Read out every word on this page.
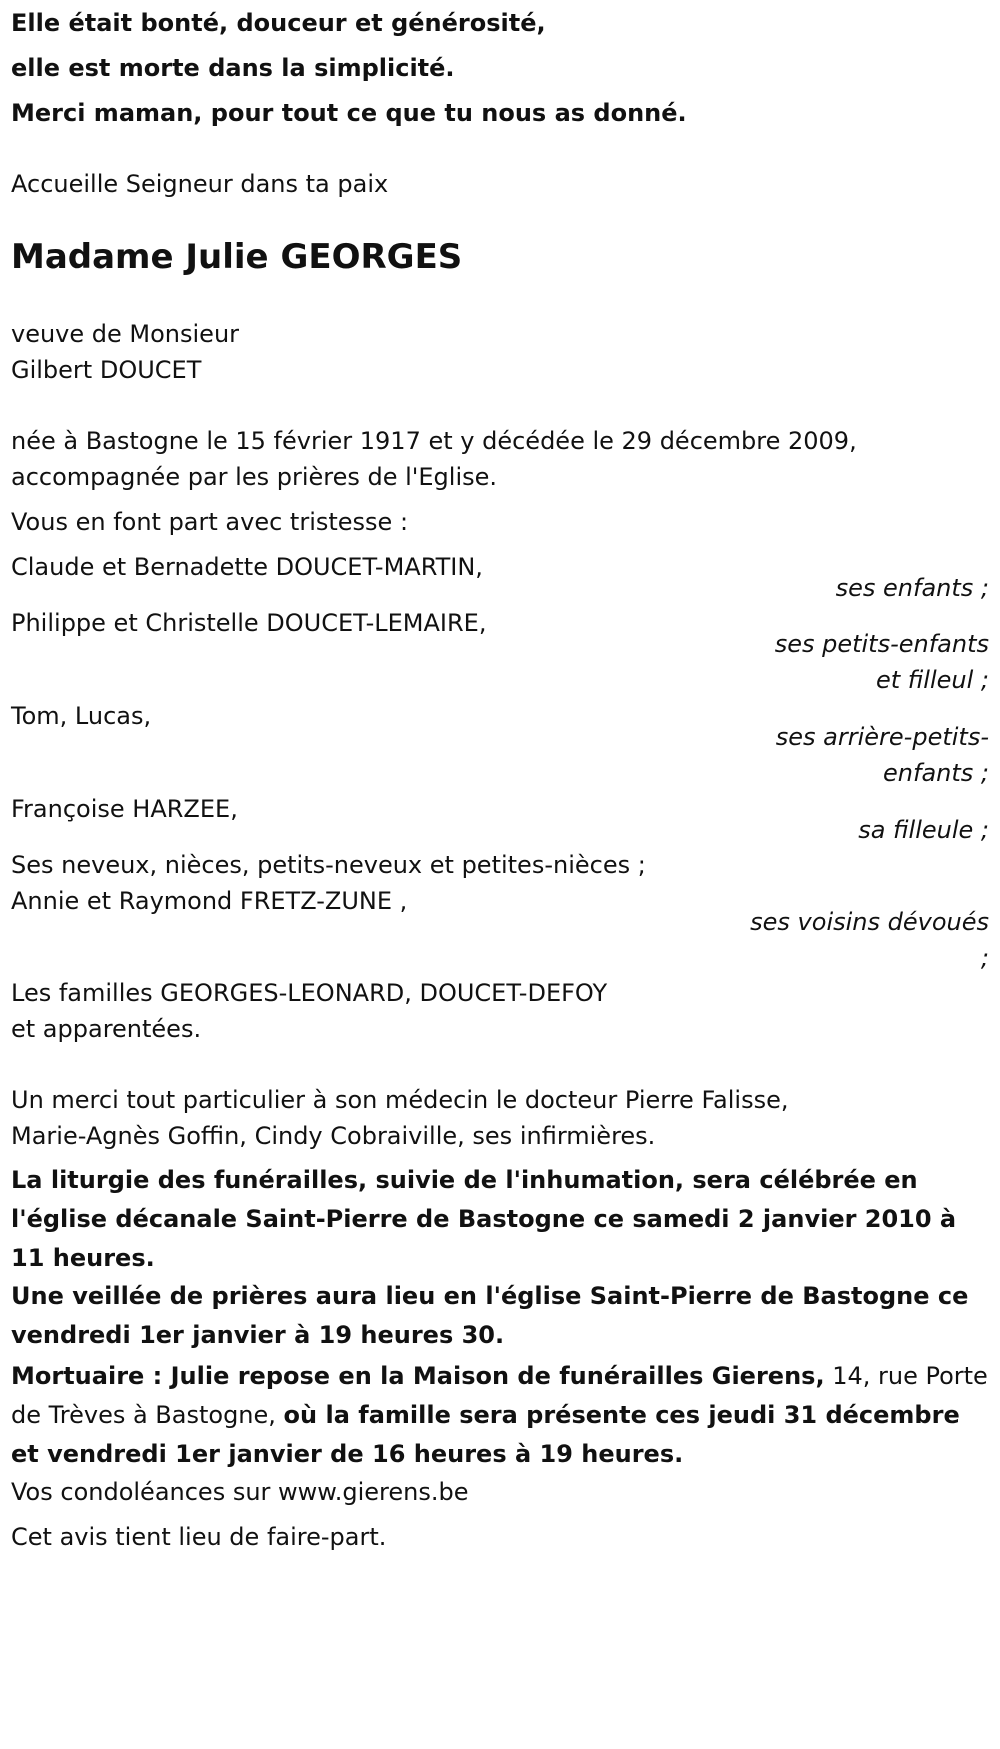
Elle était bonté, douceur et générosité,
elle est morte dans la simplicité.
Merci maman, pour tout ce que tu nous as donné.
Accueille Seigneur dans ta paix
Madame Julie GEORGES
veuve de Monsieur
Gilbert DOUCET
née à Bastogne le 15 février 1917 et y décédée le 29 décembre 2009,
accompagnée par les prières de l'Eglise.
Vous en font part avec tristesse :
Claude et Bernadette DOUCET-MARTIN,
ses enfants ;
Philippe et Christelle DOUCET-LEMAIRE,
ses petits-enfants
et filleul ;
Tom, Lucas,
ses arrière-petits-
enfants ;
Françoise HARZEE,
sa filleule ;
Ses neveux, nièces, petits-neveux et petites-nièces ;
Annie et Raymond FRETZ-ZUNE ,
ses voisins dévoués
;
Les familles GEORGES-LEONARD, DOUCET-DEFOY
et apparentées.
Un merci tout particulier à son médecin le docteur Pierre Falisse,
Marie-Agnès Goffin, Cindy Cobraiville, ses infirmières.
La liturgie des funérailles, suivie de l'inhumation, sera célébrée en l'église décanale Saint-Pierre de Bastogne ce samedi 2 janvier 2010 à 11 heures.
Une veillée de prières aura lieu en l'église Saint-Pierre de Bastogne ce vendredi 1er janvier à 19 heures 30.
Mortuaire : Julie repose en la Maison de funérailles Gierens, 14, rue Porte de Trèves à Bastogne, où la famille sera présente ces jeudi 31 décembre et vendredi 1er janvier de 16 heures à 19 heures.
Vos condoléances sur www.gierens.be
Cet avis tient lieu de faire-part.
